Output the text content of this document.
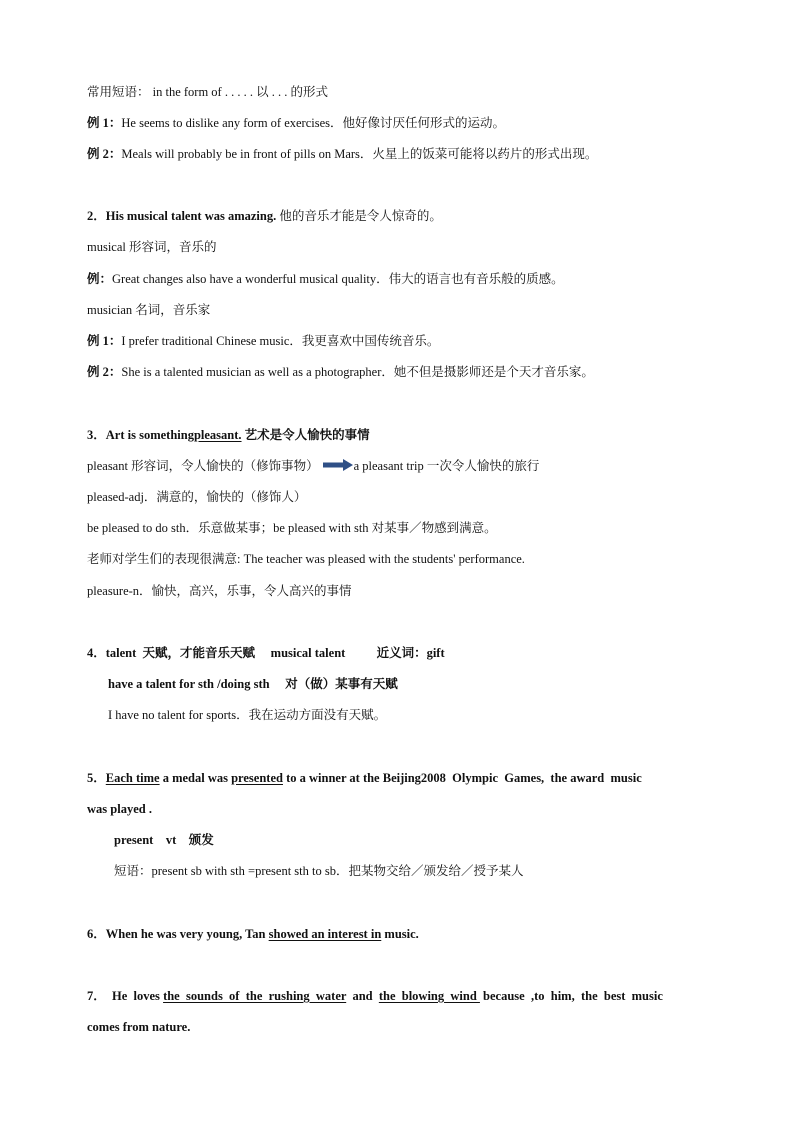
常用短语： in the form of . . . . . 以 . . . 的形式
例 1：He seems to dislike any form of exercises．他好像讨厌任何形式的运动。
例 2：Meals will probably be in front of pills on Mars．火星上的饭菜可能将以药片的形式出现。
2．His musical talent was amazing. 他的音乐才能是令人惊奇的。
musical 形容词，音乐的
例：Great changes also have a wonderful musical quality．伟大的语言也有音乐般的质感。
musician 名词，音乐家
例 1：I prefer traditional Chinese music．我更喜欢中国传统音乐。
例 2：She is a talented musician as well as a photographer．她不但是摄影师还是个天才音乐家。
3．Art is somethingpleasant. 艺术是令人愉快的事情
pleasant 形容词，令人愉快的（修饰事物）	a pleasant trip 一次令人愉快的旅行
pleased-adj．满意的，愉快的（修饰人）
be pleased to do sth．乐意做某事；be pleased with sth 对某事／物感到满意。
老师对学生们的表现很满意: The teacher was pleased with the students' performance.
pleasure-n．愉快，高兴，乐事，令人高兴的事情
4．talent  天赋，才能音乐天赋     musical talent          近义词：gift
have a talent for sth /doing sth     对（做）某事有天赋
I have no talent for sports．我在运动方面没有天赋。
5．Each time a medal was presented to a winner at the Beijing2008  Olympic  Games,  the award  music
was played .
present    vt    颁发
短语：present sb with sth =present sth to sb．把某物交给／颁发给／授予某人
6．When he was very young, Tan showed an interest in music.
7． He  loves the  sounds  of  the  rushing  water  and  the  blowing  wind  because  ,to  him,  the  best  music
comes from nature.
